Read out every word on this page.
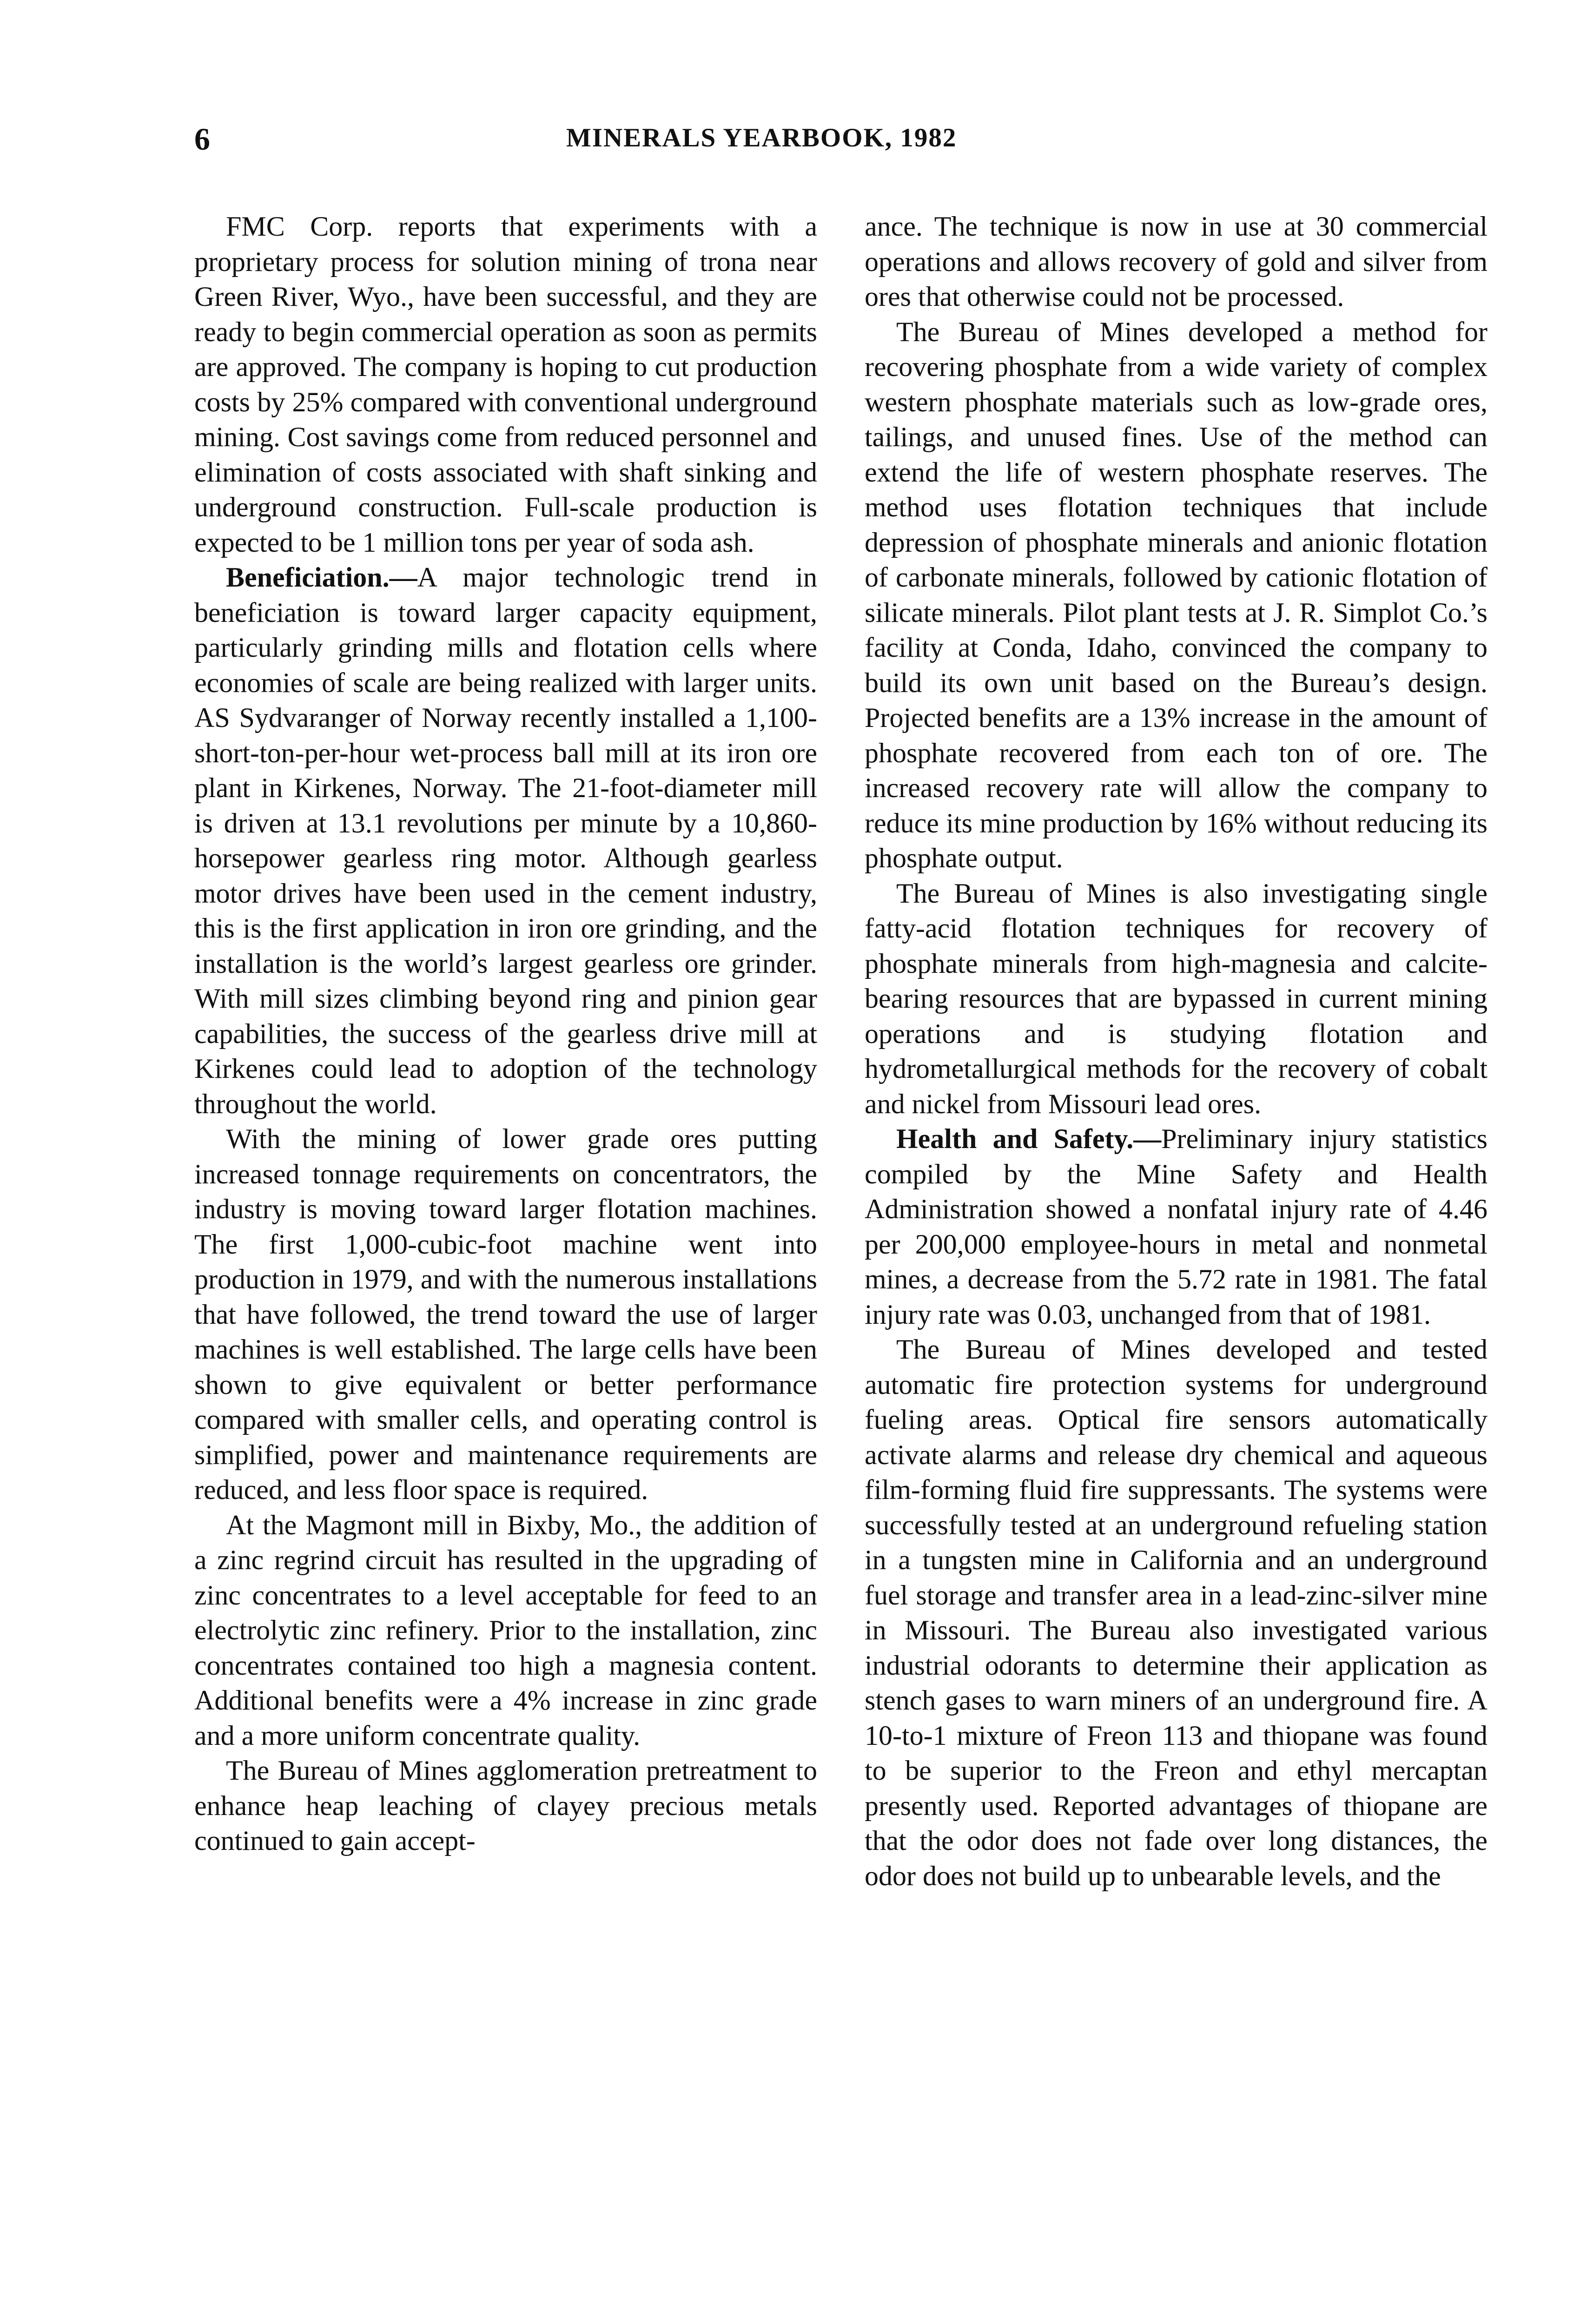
6	MINERALS YEARBOOK, 1982

FMC Corp. reports that experiments with a proprietary process for solution mining of trona near Green River, Wyo., have been successful, and they are ready to begin commercial operation as soon as permits are approved. The company is hoping to cut production costs by 25% compared with conventional underground mining. Cost savings come from reduced personnel and elimination of costs associated with shaft sinking and underground construction. Full-scale production is expected to be 1 million tons per year of soda ash.

Beneficiation.—A major technologic trend in beneficiation is toward larger capacity equipment, particularly grinding mills and flotation cells where economies of scale are being realized with larger units. AS Sydvaranger of Norway recently installed a 1,100-short-ton-per-hour wet-process ball mill at its iron ore plant in Kirkenes, Norway. The 21-foot-diameter mill is driven at 13.1 revolutions per minute by a 10,860-horsepower gearless ring motor. Although gearless motor drives have been used in the cement industry, this is the first application in iron ore grinding, and the installation is the world’s largest gearless ore grinder. With mill sizes climbing beyond ring and pinion gear capabilities, the success of the gearless drive mill at Kirkenes could lead to adoption of the technology throughout the world.

With the mining of lower grade ores putting increased tonnage requirements on concentrators, the industry is moving toward larger flotation machines. The first 1,000-cubic-foot machine went into production in 1979, and with the numerous installations that have followed, the trend toward the use of larger machines is well established. The large cells have been shown to give equivalent or better performance compared with smaller cells, and operating control is simplified, power and maintenance requirements are reduced, and less floor space is required.

At the Magmont mill in Bixby, Mo., the addition of a zinc regrind circuit has resulted in the upgrading of zinc concentrates to a level acceptable for feed to an electrolytic zinc refinery. Prior to the installation, zinc concentrates contained too high a magnesia content. Additional benefits were a 4% increase in zinc grade and a more uniform concentrate quality.

The Bureau of Mines agglomeration pretreatment to enhance heap leaching of clayey precious metals continued to gain accept-

ance. The technique is now in use at 30 commercial operations and allows recovery of gold and silver from ores that otherwise could not be processed.

The Bureau of Mines developed a method for recovering phosphate from a wide variety of complex western phosphate materials such as low-grade ores, tailings, and unused fines. Use of the method can extend the life of western phosphate reserves. The method uses flotation techniques that include depression of phosphate minerals and anionic flotation of carbonate minerals, followed by cationic flotation of silicate minerals. Pilot plant tests at J. R. Simplot Co.’s facility at Conda, Idaho, convinced the company to build its own unit based on the Bureau’s design. Projected benefits are a 13% increase in the amount of phosphate recovered from each ton of ore. The increased recovery rate will allow the company to reduce its mine production by 16% without reducing its phosphate output.

The Bureau of Mines is also investigating single fatty-acid flotation techniques for recovery of phosphate minerals from high-magnesia and calcite-bearing resources that are bypassed in current mining operations and is studying flotation and hydrometallurgical methods for the recovery of cobalt and nickel from Missouri lead ores.

Health and Safety.—Preliminary injury statistics compiled by the Mine Safety and Health Administration showed a nonfatal injury rate of 4.46 per 200,000 employee-hours in metal and nonmetal mines, a decrease from the 5.72 rate in 1981. The fatal injury rate was 0.03, unchanged from that of 1981.

The Bureau of Mines developed and tested automatic fire protection systems for underground fueling areas. Optical fire sensors automatically activate alarms and release dry chemical and aqueous film-forming fluid fire suppressants. The systems were successfully tested at an underground refueling station in a tungsten mine in California and an underground fuel storage and transfer area in a lead-zinc-silver mine in Missouri. The Bureau also investigated various industrial odorants to determine their application as stench gases to warn miners of an underground fire. A 10-to-1 mixture of Freon 113 and thiopane was found to be superior to the Freon and ethyl mercaptan presently used. Reported advantages of thiopane are that the odor does not fade over long distances, the odor does not build up to unbearable levels, and the
